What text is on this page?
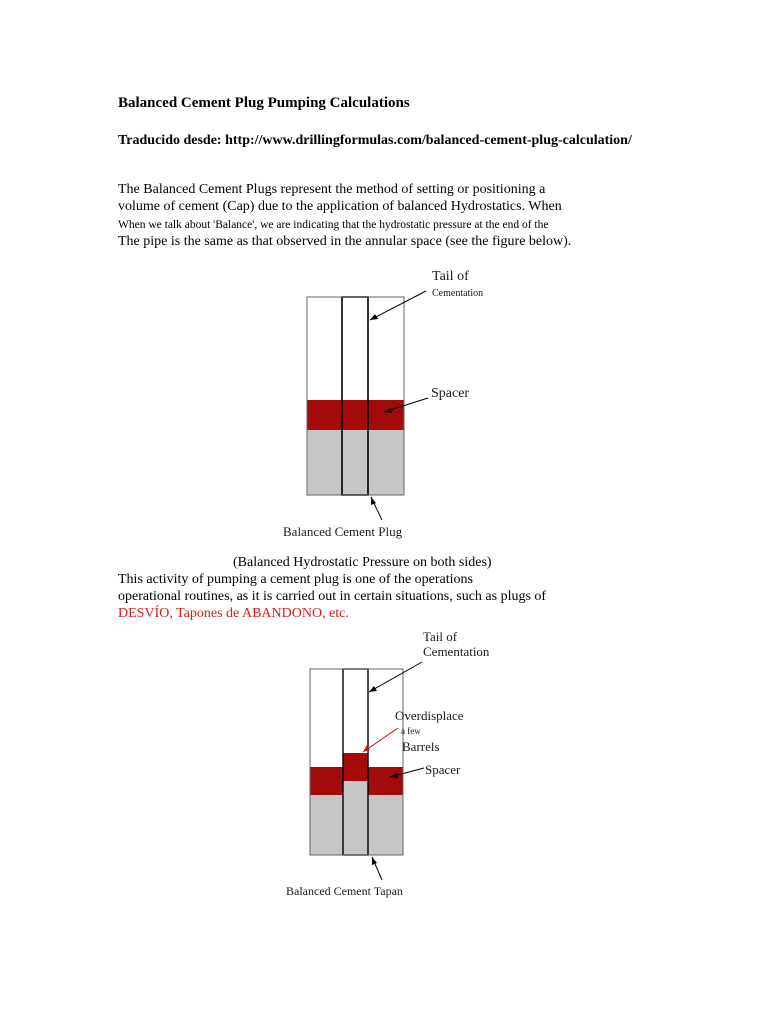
Balanced Cement Plug Pumping Calculations
Traducido desde: http://www.drillingformulas.com/balanced-cement-plug-calculation/
The Balanced Cement Plugs represent the method of setting or positioning a
volume of cement (Cap) due to the application of balanced Hydrostatics. When
When we talk about 'Balance', we are indicating that the hydrostatic pressure at the end of the
The pipe is the same as that observed in the annular space (see the figure below).
Tail of
Cementation
Spacer
Balanced Cement Plug
(Balanced Hydrostatic Pressure on both sides)
This activity of pumping a cement plug is one of the operations
operational routines, as it is carried out in certain situations, such as plugs of
DESVÍO, Tapones de ABANDONO, etc.
Tail of
Cementation
Overdisplace
a few
Barrels
Spacer
Balanced Cement Tapan
